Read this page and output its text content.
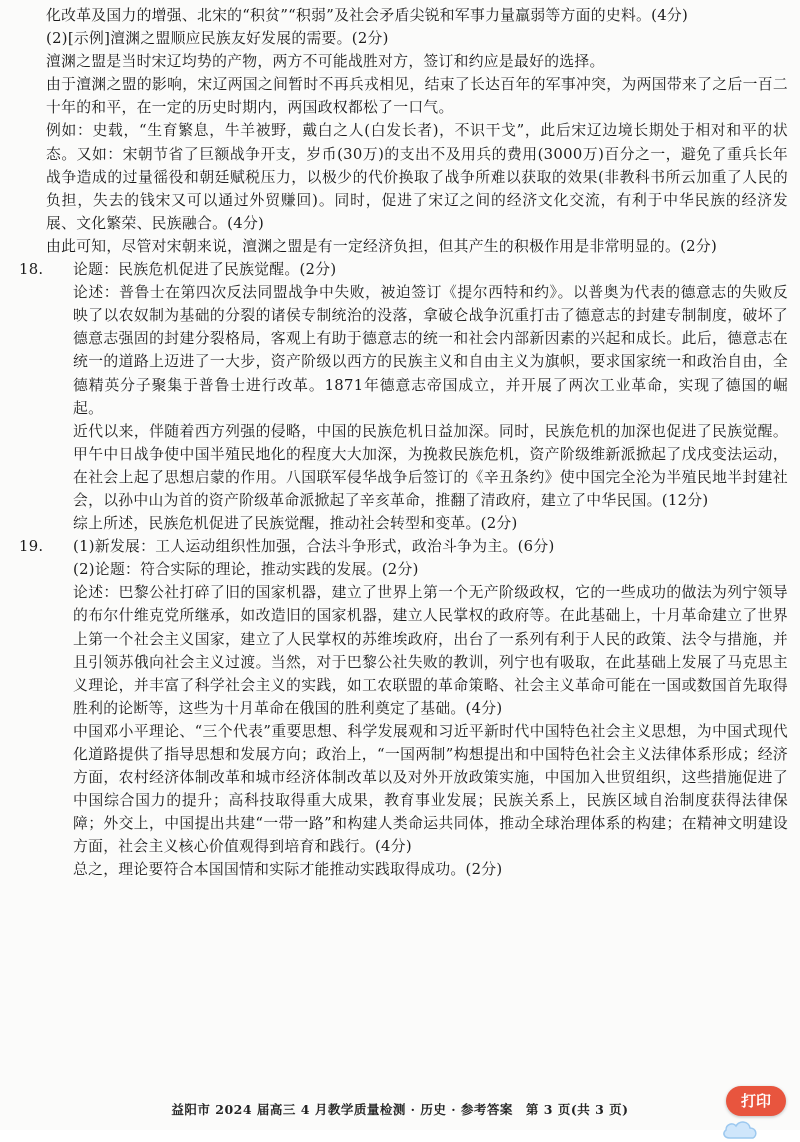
化改革及国力的增强、北宋的“积贫”“积弱”及社会矛盾尖锐和军事力量羸弱等方面的史料。(4分)

(2)[示例]澶渊之盟顺应民族友好发展的需要。(2分)

澶渊之盟是当时宋辽均势的产物，两方不可能战胜对方，签订和约应是最好的选择。

由于澶渊之盟的影响，宋辽两国之间暂时不再兵戎相见，结束了长达百年的军事冲突，为两国带来了之后一百二十年的和平，在一定的历史时期内，两国政权都松了一口气。

例如：史载，“生育繁息，牛羊被野，戴白之人(白发长者)，不识干戈”，此后宋辽边境长期处于相对和平的状态。又如：宋朝节省了巨额战争开支，岁币(30万)的支出不及用兵的费用(3000万)百分之一，避免了重兵长年战争造成的过量徭役和朝廷赋税压力，以极少的代价换取了战争所难以获取的效果(非教科书所云加重了人民的负担，失去的钱宋又可以通过外贸赚回)。同时，促进了宋辽之间的经济文化交流，有利于中华民族的经济发展、文化繁荣、民族融合。(4分)

由此可知，尽管对宋朝来说，澶渊之盟是有一定经济负担，但其产生的积极作用是非常明显的。(2分)

18.	论题：民族危机促进了民族觉醒。(2分)

论述：普鲁士在第四次反法同盟战争中失败，被迫签订《提尔西特和约》。以普奥为代表的德意志的失败反映了以农奴制为基础的分裂的诸侯专制统治的没落，拿破仑战争沉重打击了德意志的封建专制制度，破坏了德意志强固的封建分裂格局，客观上有助于德意志的统一和社会内部新因素的兴起和成长。此后，德意志在统一的道路上迈进了一大步，资产阶级以西方的民族主义和自由主义为旗帜，要求国家统一和政治自由，全德精英分子聚集于普鲁士进行改革。1871年德意志帝国成立，并开展了两次工业革命，实现了德国的崛起。

近代以来，伴随着西方列强的侵略，中国的民族危机日益加深。同时，民族危机的加深也促进了民族觉醒。甲午中日战争使中国半殖民地化的程度大大加深，为挽救民族危机，资产阶级维新派掀起了戊戌变法运动，在社会上起了思想启蒙的作用。八国联军侵华战争后签订的《辛丑条约》使中国完全沦为半殖民地半封建社会，以孙中山为首的资产阶级革命派掀起了辛亥革命，推翻了清政府，建立了中华民国。(12分)

综上所述，民族危机促进了民族觉醒，推动社会转型和变革。(2分)

19.	(1)新发展：工人运动组织性加强，合法斗争形式，政治斗争为主。(6分)

(2)论题：符合实际的理论，推动实践的发展。(2分)

论述：巴黎公社打碎了旧的国家机器，建立了世界上第一个无产阶级政权，它的一些成功的做法为列宁领导的布尔什维克党所继承，如改造旧的国家机器，建立人民掌权的政府等。在此基础上，十月革命建立了世界上第一个社会主义国家，建立了人民掌权的苏维埃政府，出台了一系列有利于人民的政策、法令与措施，并且引领苏俄向社会主义过渡。当然，对于巴黎公社失败的教训，列宁也有吸取，在此基础上发展了马克思主义理论，并丰富了科学社会主义的实践，如工农联盟的革命策略、社会主义革命可能在一国或数国首先取得胜利的论断等，这些为十月革命在俄国的胜利奠定了基础。(4分)

中国邓小平理论、“三个代表”重要思想、科学发展观和习近平新时代中国特色社会主义思想，为中国式现代化道路提供了指导思想和发展方向；政治上，“一国两制”构想提出和中国特色社会主义法律体系形成；经济方面，农村经济体制改革和城市经济体制改革以及对外开放政策实施，中国加入世贸组织，这些措施促进了中国综合国力的提升；高科技取得重大成果，教育事业发展；民族关系上，民族区域自治制度获得法律保障；外交上，中国提出共建“一带一路”和构建人类命运共同体，推动全球治理体系的构建；在精神文明建设方面，社会主义核心价值观得到培育和践行。(4分)

总之，理论要符合本国国情和实际才能推动实践取得成功。(2分)

益阳市 2024 届高三 4 月教学质量检测 · 历史 · 参考答案　第 3 页(共 3 页)	打印
